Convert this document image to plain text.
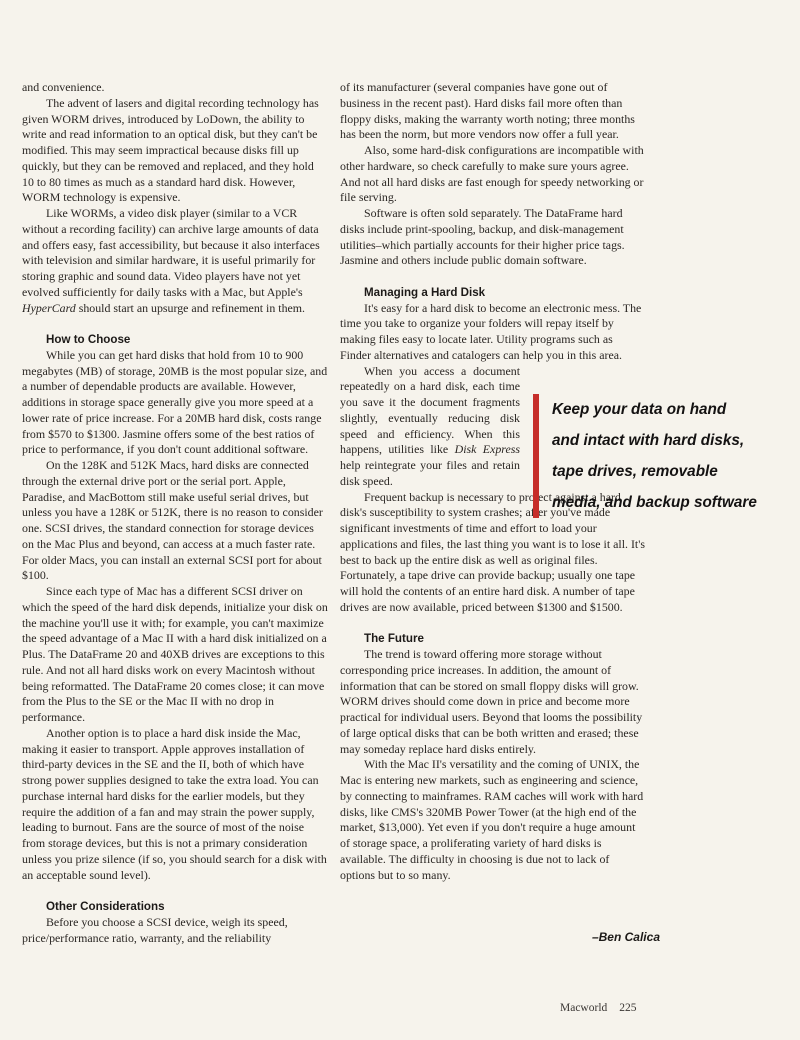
and convenience.

The advent of lasers and digital recording technology has given WORM drives, introduced by LoDown, the ability to write and read information to an optical disk, but they can't be modified. This may seem impractical because disks fill up quickly, but they can be removed and replaced, and they hold 10 to 80 times as much as a standard hard disk. However, WORM technology is expensive.

Like WORMs, a video disk player (similar to a VCR without a recording facility) can archive large amounts of data and offers easy, fast accessibility, but because it also interfaces with television and similar hardware, it is useful primarily for storing graphic and sound data. Video players have not yet evolved sufficiently for daily tasks with a Mac, but Apple's HyperCard should start an upsurge and refinement in them.

How to Choose

While you can get hard disks that hold from 10 to 900 megabytes (MB) of storage, 20MB is the most popular size, and a number of dependable products are available. However, additions in storage space generally give you more speed at a lower rate of price increase. For a 20MB hard disk, costs range from $570 to $1300. Jasmine offers some of the best ratios of price to performance, if you don't count additional software.

On the 128K and 512K Macs, hard disks are connected through the external drive port or the serial port. Apple, Paradise, and MacBottom still make useful serial drives, but unless you have a 128K or 512K, there is no reason to consider one. SCSI drives, the standard connection for storage devices on the Mac Plus and beyond, can access at a much faster rate. For older Macs, you can install an external SCSI port for about $100.

Since each type of Mac has a different SCSI driver on which the speed of the hard disk depends, initialize your disk on the machine you'll use it with; for example, you can't maximize the speed advantage of a Mac II with a hard disk initialized on a Plus. The DataFrame 20 and 40XB drives are exceptions to this rule. And not all hard disks work on every Macintosh without being reformatted. The DataFrame 20 comes close; it can move from the Plus to the SE or the Mac II with no drop in performance.

Another option is to place a hard disk inside the Mac, making it easier to transport. Apple approves installation of third-party devices in the SE and the II, both of which have strong power supplies designed to take the extra load. You can purchase internal hard disks for the earlier models, but they require the addition of a fan and may strain the power supply, leading to burnout. Fans are the source of most of the noise from storage devices, but this is not a primary consideration unless you prize silence (if so, you should search for a disk with an acceptable sound level).

Other Considerations

Before you choose a SCSI device, weigh its speed, price/performance ratio, warranty, and the reliability

of its manufacturer (several companies have gone out of business in the recent past). Hard disks fail more often than floppy disks, making the warranty worth noting; three months has been the norm, but more vendors now offer a full year.

Also, some hard-disk configurations are incompatible with other hardware, so check carefully to make sure yours agree. And not all hard disks are fast enough for speedy networking or file serving.

Software is often sold separately. The DataFrame hard disks include print-spooling, backup, and disk-management utilities–which partially accounts for their higher price tags. Jasmine and others include public domain software.

Managing a Hard Disk

It's easy for a hard disk to become an electronic mess. The time you take to organize your folders will repay itself by making files easy to locate later. Utility programs such as Finder alternatives and catalogers can help you in this area.

When you access a document repeatedly on a hard disk, each time you save it the document fragments slightly, eventually reducing disk speed and efficiency. When this happens, utilities like Disk Express help reintegrate your files and retain disk speed.

Frequent backup is necessary to protect against a hard disk's susceptibility to system crashes; after you've made significant investments of time and effort to load your applications and files, the last thing you want is to lose it all. It's best to back up the entire disk as well as original files. Fortunately, a tape drive can provide backup; usually one tape will hold the contents of an entire hard disk. A number of tape drives are now available, priced between $1300 and $1500.

The Future

The trend is toward offering more storage without corresponding price increases. In addition, the amount of information that can be stored on small floppy disks will grow. WORM drives should come down in price and become more practical for individual users. Beyond that looms the possibility of large optical disks that can be both written and erased; these may someday replace hard disks entirely.

With the Mac II's versatility and the coming of UNIX, the Mac is entering new markets, such as engineering and science, by connecting to mainframes. RAM caches will work with hard disks, like CMS's 320MB Power Tower (at the high end of the market, $13,000). Yet even if you don't require a huge amount of storage space, a proliferating variety of hard disks is available. The difficulty in choosing is due not to lack of options but to so many.

Keep your data on hand
and intact with hard disks,
tape drives, removable
media, and backup software
–Ben Calica
Macworld 225
